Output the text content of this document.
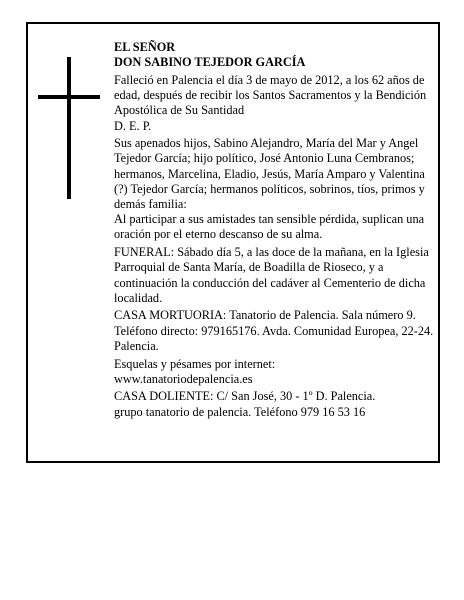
EL SEÑOR

DON SABINO TEJEDOR GARCÍA

Falleció en Palencia el día 3 de mayo de 2012, a los 62 años de edad, después de recibir los Santos Sacramentos y la Bendición Apostólica de Su Santidad

D. E. P.

Sus apenados hijos, Sabino Alejandro, María del Mar y Angel Tejedor García; hijo político, José Antonio Luna Cembranos; hermanos, Marcelina, Eladio, Jesús, María Amparo y Valentina (?) Tejedor García; hermanos políticos, sobrinos, tíos, primos y demás familia:

Al participar a sus amistades tan sensible pérdida, suplican una oración por el eterno descanso de su alma.

FUNERAL: Sábado día 5, a las doce de la mañana, en la Iglesia Parroquial de Santa María, de Boadilla de Rioseco, y a continuación la conducción del cadáver al Cementerio de dicha localidad.

CASA MORTUORIA: Tanatorio de Palencia. Sala número 9. Teléfono directo: 979165176. Avda. Comunidad Europea, 22-24. Palencia.

Esquelas y pésames por internet:

www.tanatoriodepalencia.es

CASA DOLIENTE: C/ San José, 30 - 1º D. Palencia.

grupo tanatorio de palencia. Teléfono 979 16 53 16
